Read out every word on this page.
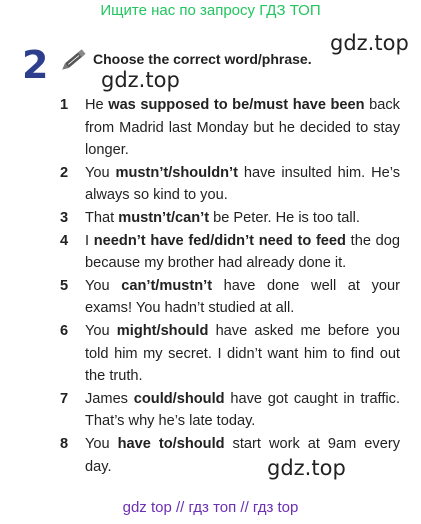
Ищите нас по запросу ГДЗ ТОП
2	Choose the correct word/phrase.
gdz.top
gdz.top
gdz.top
1 He was supposed to be/must have been back from Madrid last Monday but he decided to stay longer.
2 You mustn’t/shouldn’t have insulted him. He’s always so kind to you.
3 That mustn’t/can’t be Peter. He is too tall.
4 I needn’t have fed/didn’t need to feed the dog because my brother had already done it.
5 You can’t/mustn’t have done well at your exams! You hadn’t studied at all.
6 You might/should have asked me before you told him my secret. I didn’t want him to find out the truth.
7 James could/should have got caught in traffic. That’s why he’s late today.
8 You have to/should start work at 9am every day.
gdz top // гдз топ // гдз top
